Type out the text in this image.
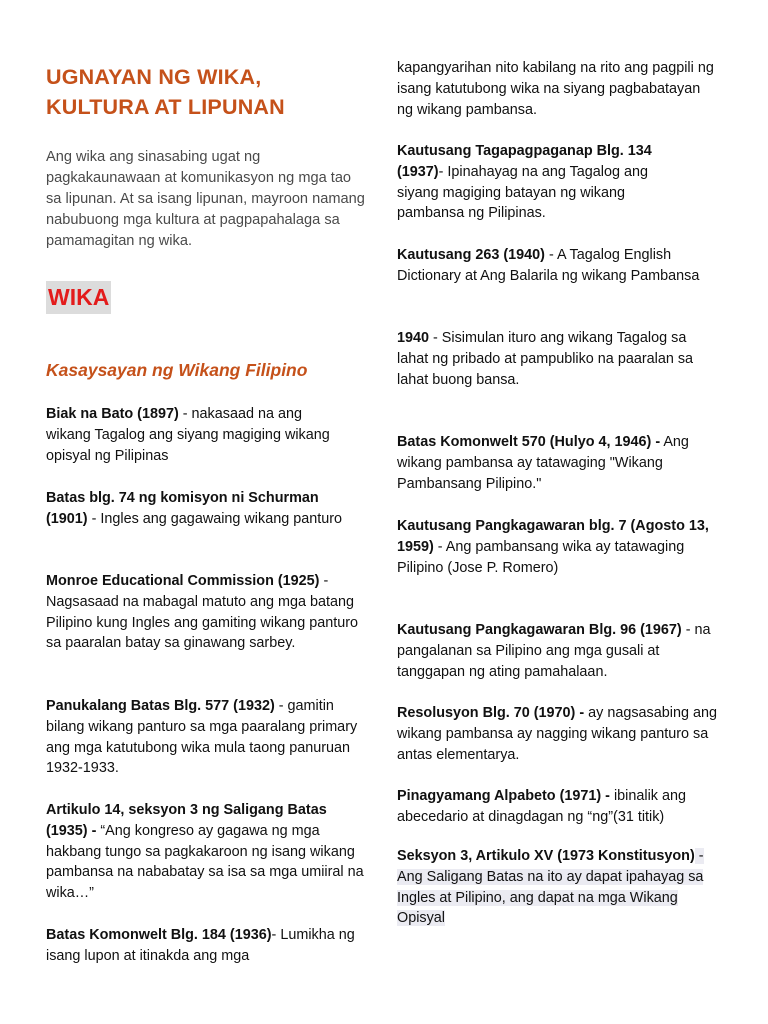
UGNAYAN NG WIKA, KULTURA AT LIPUNAN

Ang wika ang sinasabing ugat ng pagkakaunawaan at komunikasyon ng mga tao sa lipunan. At sa isang lipunan, mayroon namang nabubuong mga kultura at pagpapahalaga sa pamamagitan ng wika.

WIKA
Kasaysayan ng Wikang Filipino

Biak na Bato (1897) - nakasaad na ang wikang Tagalog ang siyang magiging wikang opisyal ng Pilipinas

Batas blg. 74 ng komisyon ni Schurman (1901) - Ingles ang gagawaing wikang panturo

Monroe Educational Commission (1925) - Nagsasaad na mabagal matuto ang mga batang Pilipino kung Ingles ang gamiting wikang panturo sa paaralan batay sa ginawang sarbey.

Panukalang Batas Blg. 577 (1932) - gamitin bilang wikang panturo sa mga paaralang primary ang mga katutubong wika mula taong panuruan 1932-1933.

Artikulo 14, seksyon 3 ng Saligang Batas (1935) - “Ang kongreso ay gagawa ng mga hakbang tungo sa pagkakaroon ng isang wikang pambansa na nababatay sa isa sa mga umiiral na wika…”

Batas Komonwelt Blg. 184 (1936)- Lumikha ng isang lupon at itinakda ang mga

kapangyarihan nito kabilang na rito ang pagpili ng isang katutubong wika na siyang pagbabatayan ng wikang pambansa.

Kautusang Tagapagpaganap Blg. 134 (1937)- Ipinahayag na ang Tagalog ang siyang magiging batayan ng wikang pambansa ng Pilipinas.

Kautusang 263 (1940) - A Tagalog English Dictionary at Ang Balarila ng wikang Pambansa

1940 - Sisimulan ituro ang wikang Tagalog sa lahat ng pribado at pampubliko na paaralan sa lahat buong bansa.

Batas Komonwelt 570 (Hulyo 4, 1946) - Ang wikang pambansa ay tatawaging "Wikang Pambansang Pilipino."

Kautusang Pangkagawaran blg. 7 (Agosto 13, 1959) - Ang pambansang wika ay tatawaging Pilipino (Jose P. Romero)

Kautusang Pangkagawaran Blg. 96 (1967) - na pangalanan sa Pilipino ang mga gusali at tanggapan ng ating pamahalaan.

Resolusyon Blg. 70 (1970) - ay nagsasabing ang wikang pambansa ay nagging wikang panturo sa antas elementarya.

Pinagyamang Alpabeto (1971) - ibinalik ang abecedario at dinagdagan ng “ng”(31 titik)

Seksyon 3, Artikulo XV (1973 Konstitusyon) - Ang Saligang Batas na ito ay dapat ipahayag sa Ingles at Pilipino, ang dapat na mga Wikang Opisyal
